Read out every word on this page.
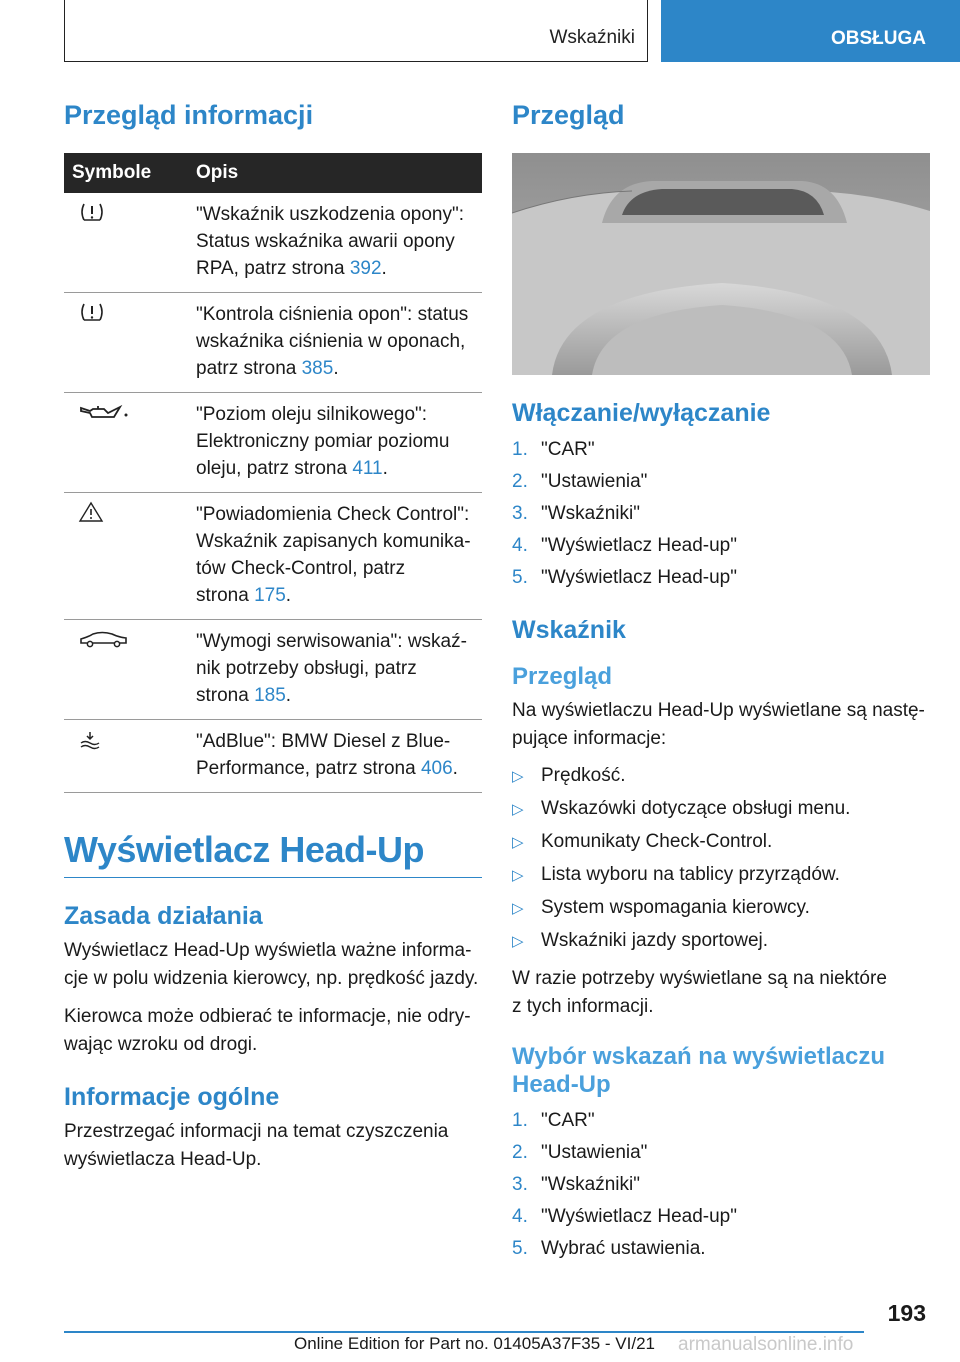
Wskaźniki	OBSŁUGA
Przegląd informacji
Symbole	Opis
	"Wskaźnik uszkodzenia opony":
Status wskaźnika awarii opony
RPA, patrz strona 392.
	"Kontrola ciśnienia opon": status
wskaźnika ciśnienia w oponach,
patrz strona 385.
	"Poziom oleju silnikowego":
Elektroniczny pomiar poziomu
oleju, patrz strona 411.
	"Powiadomienia Check Control":
Wskaźnik zapisanych komunika-
tów Check-Control, patrz
strona 175.
	"Wymogi serwisowania": wskaź-
nik potrzeby obsługi, patrz
strona 185.
	"AdBlue": BMW Diesel z Blue-
Performance, patrz strona 406.
Wyświetlacz Head-Up
Zasada działania

Wyświetlacz Head-Up wyświetla ważne informa-
cje w polu widzenia kierowcy, np. prędkość jazdy.

Kierowca może odbierać te informacje, nie odry-
wając wzroku od drogi.

Informacje ogólne

Przestrzegać informacji na temat czyszczenia
wyświetlacza Head-Up.

Przegląd
Włączanie/wyłączanie
1. "CAR"
2. "Ustawienia"
3. "Wskaźniki"
4. "Wyświetlacz Head-up"
5. "Wyświetlacz Head-up"
Wskaźnik
Przegląd

Na wyświetlaczu Head-Up wyświetlane są nastę-
pujące informacje:

▷ Prędkość.
▷ Wskazówki dotyczące obsługi menu.
▷ Komunikaty Check-Control.
▷ Lista wyboru na tablicy przyrządów.
▷ System wspomagania kierowcy.
▷ Wskaźniki jazdy sportowej.

W razie potrzeby wyświetlane są na niektóre
z tych informacji.

Wybór wskazań na wyświetlaczu
Head-Up
1. "CAR"
2. "Ustawienia"
3. "Wskaźniki"
4. "Wyświetlacz Head-up"
5. Wybrać ustawienia.
193
Online Edition for Part no. 01405A37F35 - VI/21 armanualsonline.info
